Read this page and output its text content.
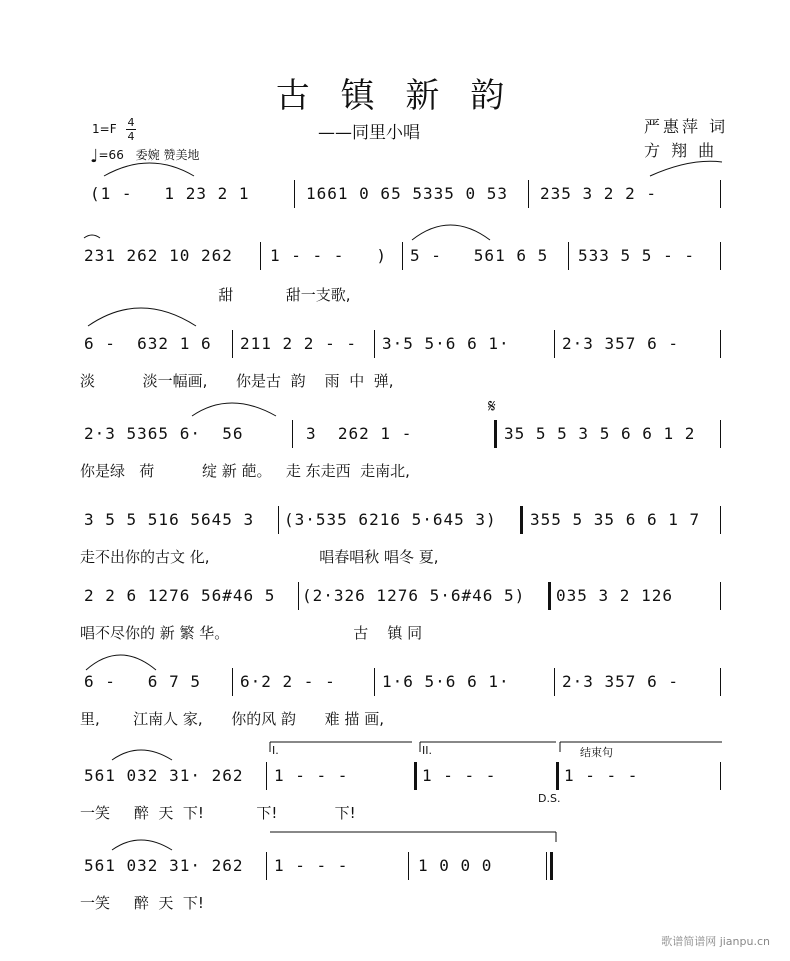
古 镇 新 韵
——同里小唱	严惠萍 词
方 翔 曲
1=F 4
4
♩=66 委婉 赞美地
(1 -   1 23 2 1	1661 0 65 5335 0 53 235 3 2 2 -
231 262 10 262 1 - - -   ) 5 -   561 6 5 533 5 5 - -
甜           甜一支歌,
6 -  632 1 6 211 2 2 - - 3·5 5·6 6 1·	2·3 357 6 -
淡          淡一幅画,      你是古  韵    雨  中  弹,
2·3 5365 6·  56	3  262 1 -	35 5 5 3 5 6 6 1 2
𝄋
你是绿   荷          绽 新 葩。   走 东走西  走南北,
3 5 5 516 5645 3 (3·535 6216 5·645 3) 355 5 35 6 6 1 7
走不出你的古文 化,                       唱春唱秋 唱冬 夏,
2 2 6 1276 56#46 5 (2·326 1276 5·6#46 5) 035 3 2 126
唱不尽你的 新 繁 华。                          古    镇 同
6 -   6 7 5 6·2 2 - -	1·6 5·6 6 1·	2·3 357 6 -
里,       江南人 家,      你的风 韵      难 描 画,
I.	II.	结束句
561 032 31· 262 1 - - -	1 - - -	1 - - -
D.S.
一笑     醉  天  下!           下!            下!
561 032 31· 262 1 - - -	1 0 0 0
一笑     醉  天  下!
歌谱简谱网 jianpu.cn
